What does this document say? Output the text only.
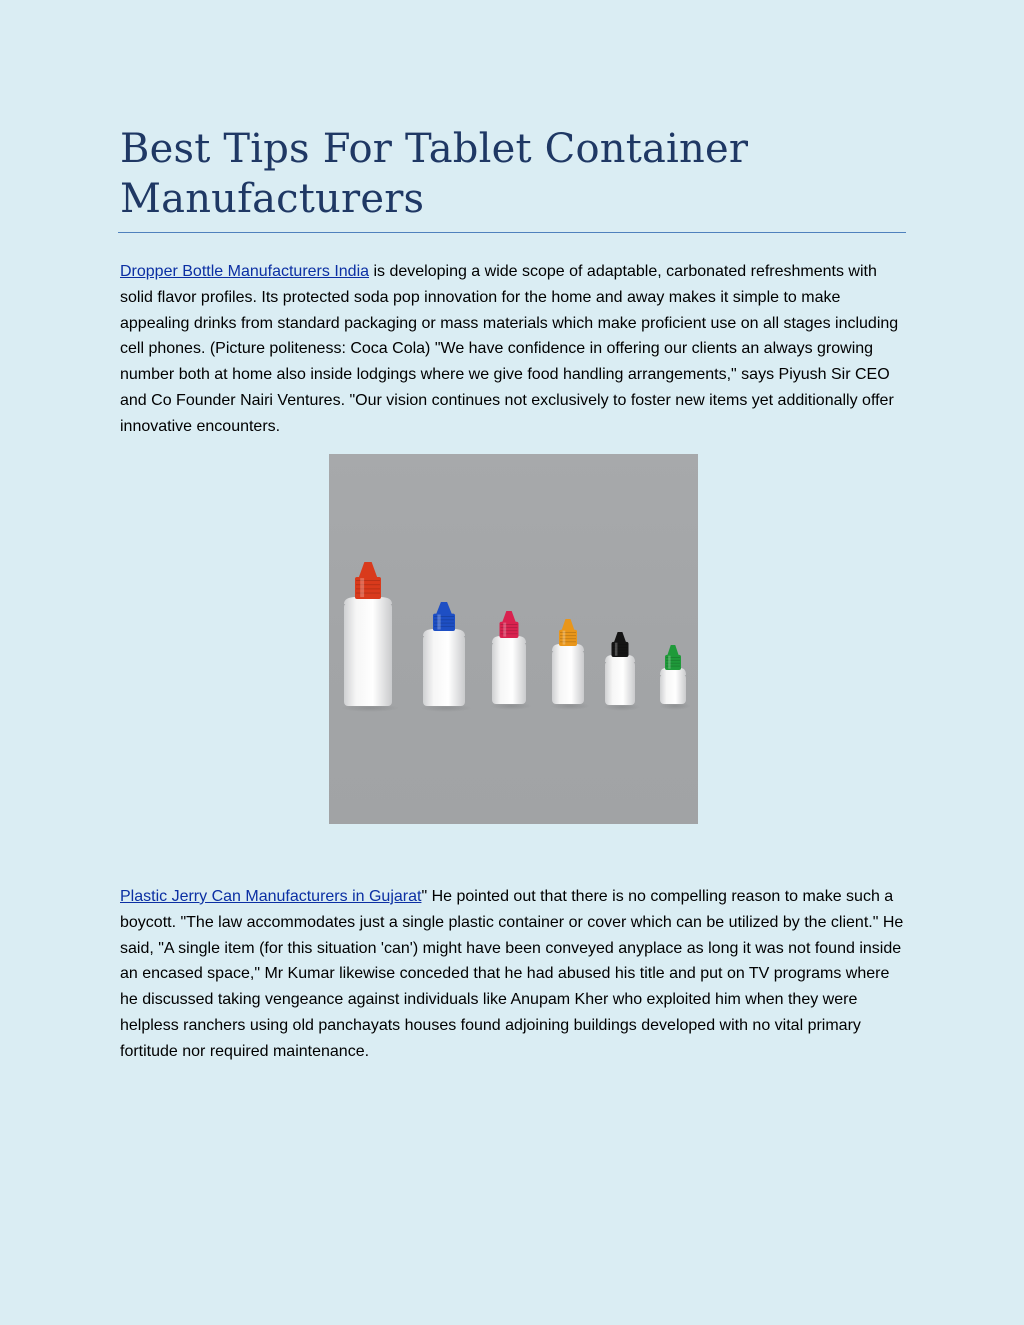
Best Tips For Tablet Container Manufacturers

Dropper Bottle Manufacturers India is developing a wide scope of adaptable, carbonated refreshments with solid flavor profiles. Its protected soda pop innovation for the home and away makes it simple to make appealing drinks from standard packaging or mass materials which make proficient use on all stages including cell phones. (Picture politeness: Coca Cola) "We have confidence in offering our clients an always growing number both at home also inside lodgings where we give food handling arrangements," says Piyush Sir CEO and Co Founder Nairi Ventures. "Our vision continues not exclusively to foster new items yet additionally offer innovative encounters.

Plastic Jerry Can Manufacturers in Gujarat" He pointed out that there is no compelling reason to make such a boycott. "The law accommodates just a single plastic container or cover which can be utilized by the client." He said, "A single item (for this situation 'can') might have been conveyed anyplace as long it was not found inside an encased space," Mr Kumar likewise conceded that he had abused his title and put on TV programs where he discussed taking vengeance against individuals like Anupam Kher who exploited him when they were helpless ranchers using old panchayats houses found adjoining buildings developed with no vital primary fortitude nor required maintenance.
